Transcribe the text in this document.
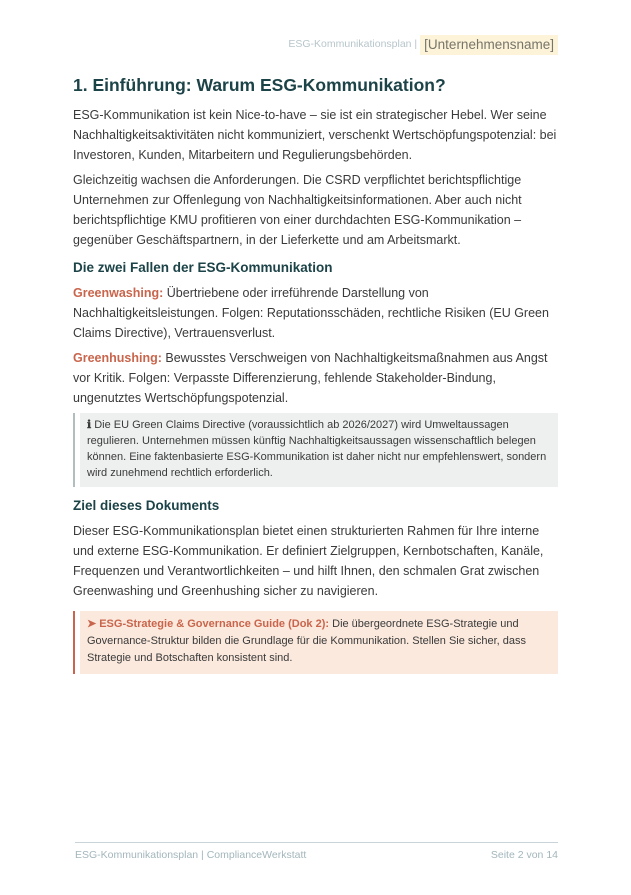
ESG-Kommunikationsplan | [Unternehmensname]
1. Einführung: Warum ESG-Kommunikation?

ESG-Kommunikation ist kein Nice-to-have – sie ist ein strategischer Hebel. Wer seine Nachhaltigkeitsaktivitäten nicht kommuniziert, verschenkt Wertschöpfungspotenzial: bei Investoren, Kunden, Mitarbeitern und Regulierungsbehörden.

Gleichzeitig wachsen die Anforderungen. Die CSRD verpflichtet berichtspflichtige Unternehmen zur Offenlegung von Nachhaltigkeitsinformationen. Aber auch nicht berichtspflichtige KMU profitieren von einer durchdachten ESG-Kommunikation – gegenüber Geschäftspartnern, in der Lieferkette und am Arbeitsmarkt.

Die zwei Fallen der ESG-Kommunikation

Greenwashing: Übertriebene oder irreführende Darstellung von Nachhaltigkeitsleistungen. Folgen: Reputationsschäden, rechtliche Risiken (EU Green Claims Directive), Vertrauensverlust.

Greenhushing: Bewusstes Verschweigen von Nachhaltigkeitsmaßnahmen aus Angst vor Kritik. Folgen: Verpasste Differenzierung, fehlende Stakeholder-Bindung, ungenutztes Wertschöpfungspotenzial.

ℹ Die EU Green Claims Directive (voraussichtlich ab 2026/2027) wird Umweltaussagen regulieren. Unternehmen müssen künftig Nachhaltigkeitsaussagen wissenschaftlich belegen können. Eine faktenbasierte ESG-Kommunikation ist daher nicht nur empfehlenswert, sondern wird zunehmend rechtlich erforderlich.
Ziel dieses Dokuments

Dieser ESG-Kommunikationsplan bietet einen strukturierten Rahmen für Ihre interne und externe ESG-Kommunikation. Er definiert Zielgruppen, Kernbotschaften, Kanäle, Frequenzen und Verantwortlichkeiten – und hilft Ihnen, den schmalen Grat zwischen Greenwashing und Greenhushing sicher zu navigieren.

➤ ESG-Strategie & Governance Guide (Dok 2): Die übergeordnete ESG-Strategie und Governance-Struktur bilden die Grundlage für die Kommunikation. Stellen Sie sicher, dass Strategie und Botschaften konsistent sind.
ESG-Kommunikationsplan | ComplianceWerkstatt	Seite 2 von 14
